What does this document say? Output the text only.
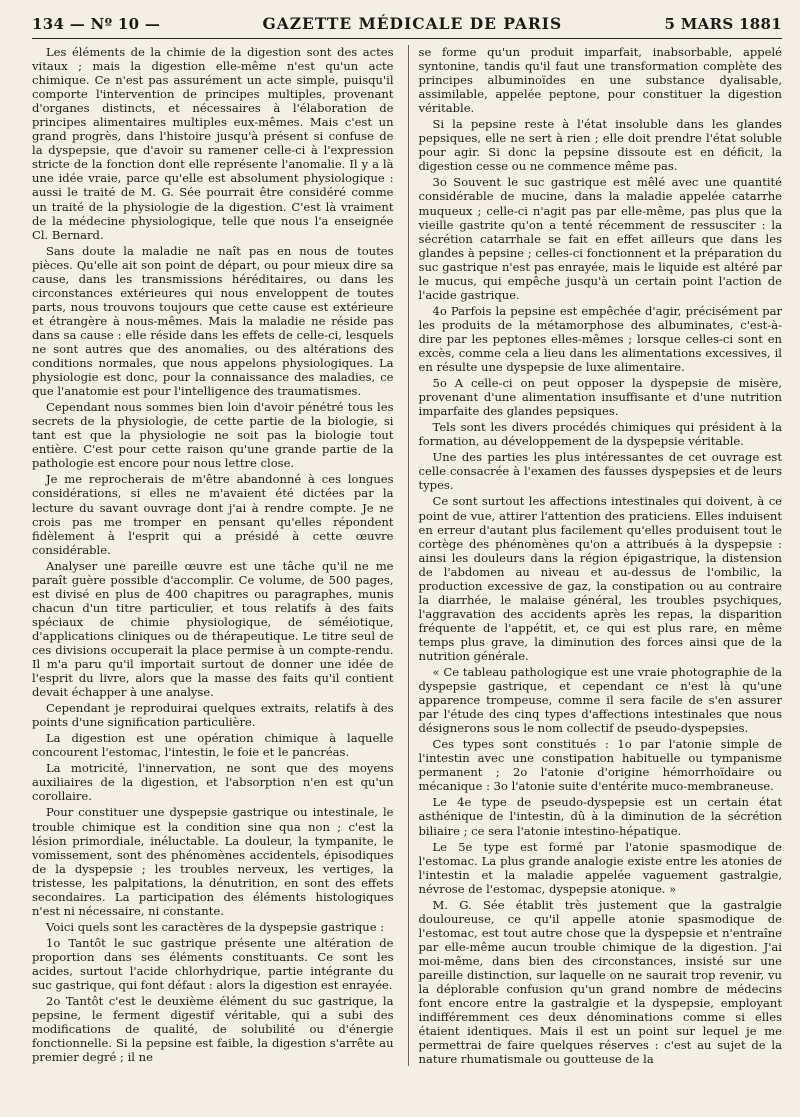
134 — Nº 10 —	GAZETTE MÉDICALE DE PARIS	5 MARS 1881

Les éléments de la chimie de la digestion sont des actes vitaux ; mais la digestion elle-même n'est qu'un acte chimique. Ce n'est pas assurément un acte simple, puisqu'il comporte l'intervention de principes multiples, provenant d'organes distincts, et nécessaires à l'élaboration de principes alimentaires multiples eux-mêmes. Mais c'est un grand progrès, dans l'histoire jusqu'à présent si confuse de la dyspepsie, que d'avoir su ramener celle-ci à l'expression stricte de la fonction dont elle représente l'anomalie. Il y a là une idée vraie, parce qu'elle est absolument physiologique : aussi le traité de M. G. Sée pourrait être considéré comme un traité de la physiologie de la digestion. C'est là vraiment de la médecine physiologique, telle que nous l'a enseignée Cl. Bernard.

Sans doute la maladie ne naît pas en nous de toutes pièces. Qu'elle ait son point de départ, ou pour mieux dire sa cause, dans les transmissions héréditaires, ou dans les circonstances extérieures qui nous enveloppent de toutes parts, nous trouvons toujours que cette cause est extérieure et étrangère à nous-mêmes. Mais la maladie ne réside pas dans sa cause : elle réside dans les effets de celle-ci, lesquels ne sont autres que des anomalies, ou des altérations des conditions normales, que nous appelons physiologiques. La physiologie est donc, pour la connaissance des maladies, ce que l'anatomie est pour l'intelligence des traumatismes.

Cependant nous sommes bien loin d'avoir pénétré tous les secrets de la physiologie, de cette partie de la biologie, si tant est que la physiologie ne soit pas la biologie tout entière. C'est pour cette raison qu'une grande partie de la pathologie est encore pour nous lettre close.

Je me reprocherais de m'être abandonné à ces longues considérations, si elles ne m'avaient été dictées par la lecture du savant ouvrage dont j'ai à rendre compte. Je ne crois pas me tromper en pensant qu'elles répondent fidèlement à l'esprit qui a présidé à cette œuvre considérable.

Analyser une pareille œuvre est une tâche qu'il ne me paraît guère possible d'accomplir. Ce volume, de 500 pages, est divisé en plus de 400 chapitres ou paragraphes, munis chacun d'un titre particulier, et tous relatifs à des faits spéciaux de chimie physiologique, de séméiotique, d'applications cliniques ou de thérapeutique. Le titre seul de ces divisions occuperait la place permise à un compte-rendu. Il m'a paru qu'il importait surtout de donner une idée de l'esprit du livre, alors que la masse des faits qu'il contient devait échapper à une analyse.

Cependant je reproduirai quelques extraits, relatifs à des points d'une signification particulière.

La digestion est une opération chimique à laquelle concourent l'estomac, l'intestin, le foie et le pancréas.

La motricité, l'innervation, ne sont que des moyens auxiliaires de la digestion, et l'absorption n'en est qu'un corollaire.

Pour constituer une dyspepsie gastrique ou intestinale, le trouble chimique est la condition sine qua non ; c'est la lésion primordiale, inéluctable. La douleur, la tympanite, le vomissement, sont des phénomènes accidentels, épisodiques de la dyspepsie ; les troubles nerveux, les vertiges, la tristesse, les palpitations, la dénutrition, en sont des effets secondaires. La participation des éléments histologiques n'est ni nécessaire, ni constante.

Voici quels sont les caractères de la dyspepsie gastrique :

1o Tantôt le suc gastrique présente une altération de proportion dans ses éléments constituants. Ce sont les acides, surtout l'acide chlorhydrique, partie intégrante du suc gastrique, qui font défaut : alors la digestion est enrayée.

2o Tantôt c'est le deuxième élément du suc gastrique, la pepsine, le ferment digestif véritable, qui a subi des modifications de qualité, de solubilité ou d'énergie fonctionnelle. Si la pepsine est faible, la digestion s'arrête au premier degré ; il ne

se forme qu'un produit imparfait, inabsorbable, appelé syntonine, tandis qu'il faut une transformation complète des principes albuminoïdes en une substance dyalisable, assimilable, appelée peptone, pour constituer la digestion véritable.

Si la pepsine reste à l'état insoluble dans les glandes pepsiques, elle ne sert à rien ; elle doit prendre l'état soluble pour agir. Si donc la pepsine dissoute est en déficit, la digestion cesse ou ne commence même pas.

3o Souvent le suc gastrique est mêlé avec une quantité considérable de mucine, dans la maladie appelée catarrhe muqueux ; celle-ci n'agit pas par elle-même, pas plus que la vieille gastrite qu'on a tenté récemment de ressusciter : la sécrétion catarrhale se fait en effet ailleurs que dans les glandes à pepsine ; celles-ci fonctionnent et la préparation du suc gastrique n'est pas enrayée, mais le liquide est altéré par le mucus, qui empêche jusqu'à un certain point l'action de l'acide gastrique.

4o Parfois la pepsine est empêchée d'agir, précisément par les produits de la métamorphose des albuminates, c'est-à-dire par les peptones elles-mêmes ; lorsque celles-ci sont en excès, comme cela a lieu dans les alimentations excessives, il en résulte une dyspepsie de luxe alimentaire.

5o A celle-ci on peut opposer la dyspepsie de misère, provenant d'une alimentation insuffisante et d'une nutrition imparfaite des glandes pepsiques.

Tels sont les divers procédés chimiques qui président à la formation, au développement de la dyspepsie véritable.

Une des parties les plus intéressantes de cet ouvrage est celle consacrée à l'examen des fausses dyspepsies et de leurs types.

Ce sont surtout les affections intestinales qui doivent, à ce point de vue, attirer l'attention des praticiens. Elles induisent en erreur d'autant plus facilement qu'elles produisent tout le cortège des phénomènes qu'on a attribués à la dyspepsie : ainsi les douleurs dans la région épigastrique, la distension de l'abdomen au niveau et au-dessus de l'ombilic, la production excessive de gaz, la constipation ou au contraire la diarrhée, le malaise général, les troubles psychiques, l'aggravation des accidents après les repas, la disparition fréquente de l'appétit, et, ce qui est plus rare, en même temps plus grave, la diminution des forces ainsi que de la nutrition générale.

« Ce tableau pathologique est une vraie photographie de la dyspepsie gastrique, et cependant ce n'est là qu'une apparence trompeuse, comme il sera facile de s'en assurer par l'étude des cinq types d'affections intestinales que nous désignerons sous le nom collectif de pseudo-dyspepsies.

Ces types sont constitués : 1o par l'atonie simple de l'intestin avec une constipation habituelle ou tympanisme permanent ; 2o l'atonie d'origine hémorrhoïdaire ou mécanique : 3o l'atonie suite d'entérite muco-membraneuse.

Le 4e type de pseudo-dyspepsie est un certain état asthénique de l'intestin, dû à la diminution de la sécrétion biliaire ; ce sera l'atonie intestino-hépatique.

Le 5e type est formé par l'atonie spasmodique de l'estomac. La plus grande analogie existe entre les atonies de l'intestin et la maladie appelée vaguement gastralgie, névrose de l'estomac, dyspepsie atonique. »

M. G. Sée établit très justement que la gastralgie douloureuse, ce qu'il appelle atonie spasmodique de l'estomac, est tout autre chose que la dyspepsie et n'entraîne par elle-même aucun trouble chimique de la digestion. J'ai moi-même, dans bien des circonstances, insisté sur une pareille distinction, sur laquelle on ne saurait trop revenir, vu la déplorable confusion qu'un grand nombre de médecins font encore entre la gastralgie et la dyspepsie, employant indifféremment ces deux dénominations comme si elles étaient identiques. Mais il est un point sur lequel je me permettrai de faire quelques réserves : c'est au sujet de la nature rhumatismale ou goutteuse de la
